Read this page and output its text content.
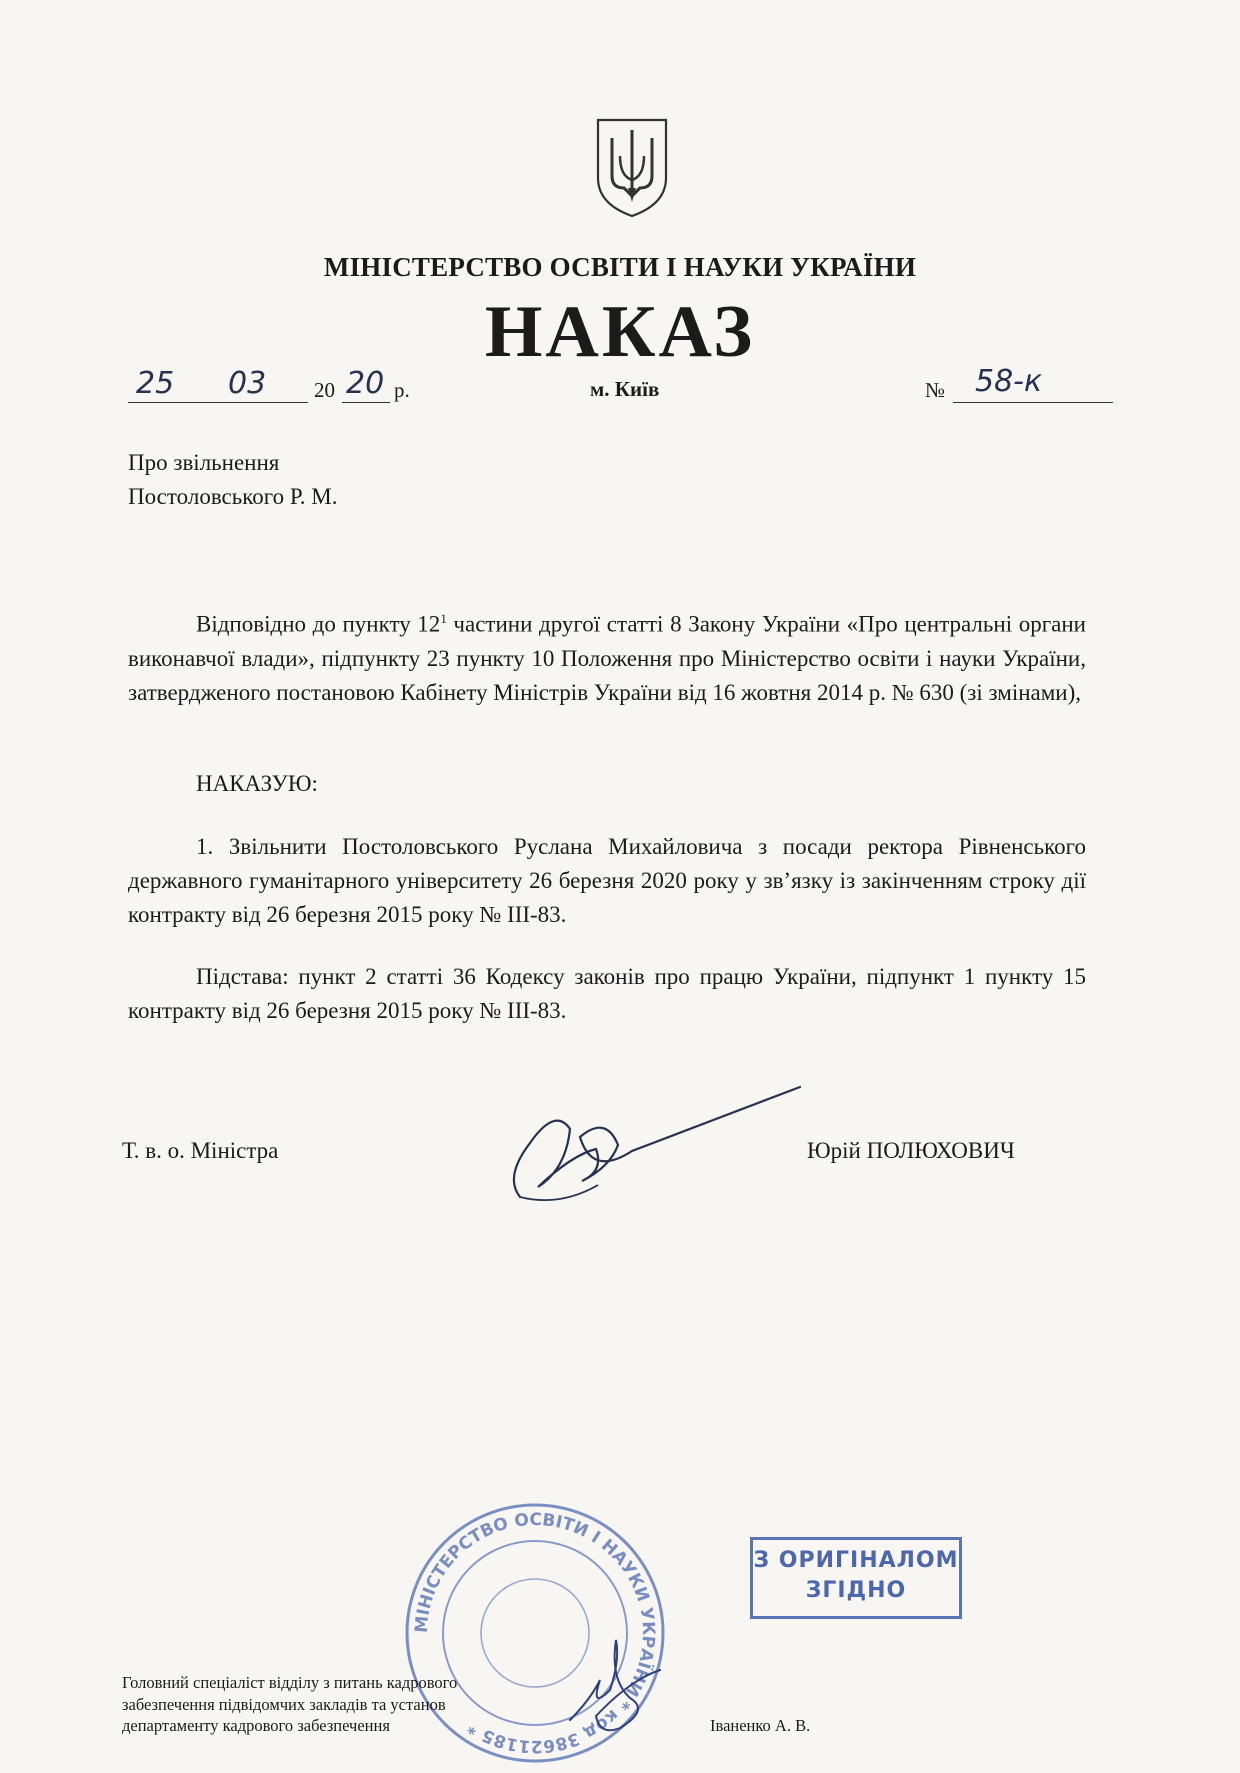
МІНІСТЕРСТВО ОСВІТИ І НАУКИ УКРАЇНИ
НАКАЗ
25 03 20 20 р.	м. Київ	№ 58-к
Про звільнення
Постоловського Р. М.
Відповідно до пункту $12^1$ частини другої статті 8 Закону України «Про центральні органи виконавчої влади», підпункту 23 пункту 10 Положення про Міністерство освіти і науки України, затвердженого постановою Кабінету Міністрів України від 16 жовтня 2014 р. № 630 (зі змінами),
НАКАЗУЮ:
1. Звільнити Постоловського Руслана Михайловича з посади ректора Рівненського державного гуманітарного університету 26 березня 2020 року у зв’язку із закінченням строку дії контракту від 26 березня 2015 року № ІІІ-83.
Підстава: пункт 2 статті 36 Кодексу законів про працю України, підпункт 1 пункту 15 контракту від 26 березня 2015 року № ІІІ-83.
Т. в. о. Міністра	Юрій ПОЛЮХОВИЧ
МІНІСТЕРСТВО ОСВІТИ І НАУКИ УКРАЇНИ * код 38621185 *
З ОРИГІНАЛОМ
ЗГІДНО
Головний спеціаліст відділу з питань кадрового
забезпечення підвідомчих закладів та установ
департаменту кадрового забезпечення	Іваненко А. В.
